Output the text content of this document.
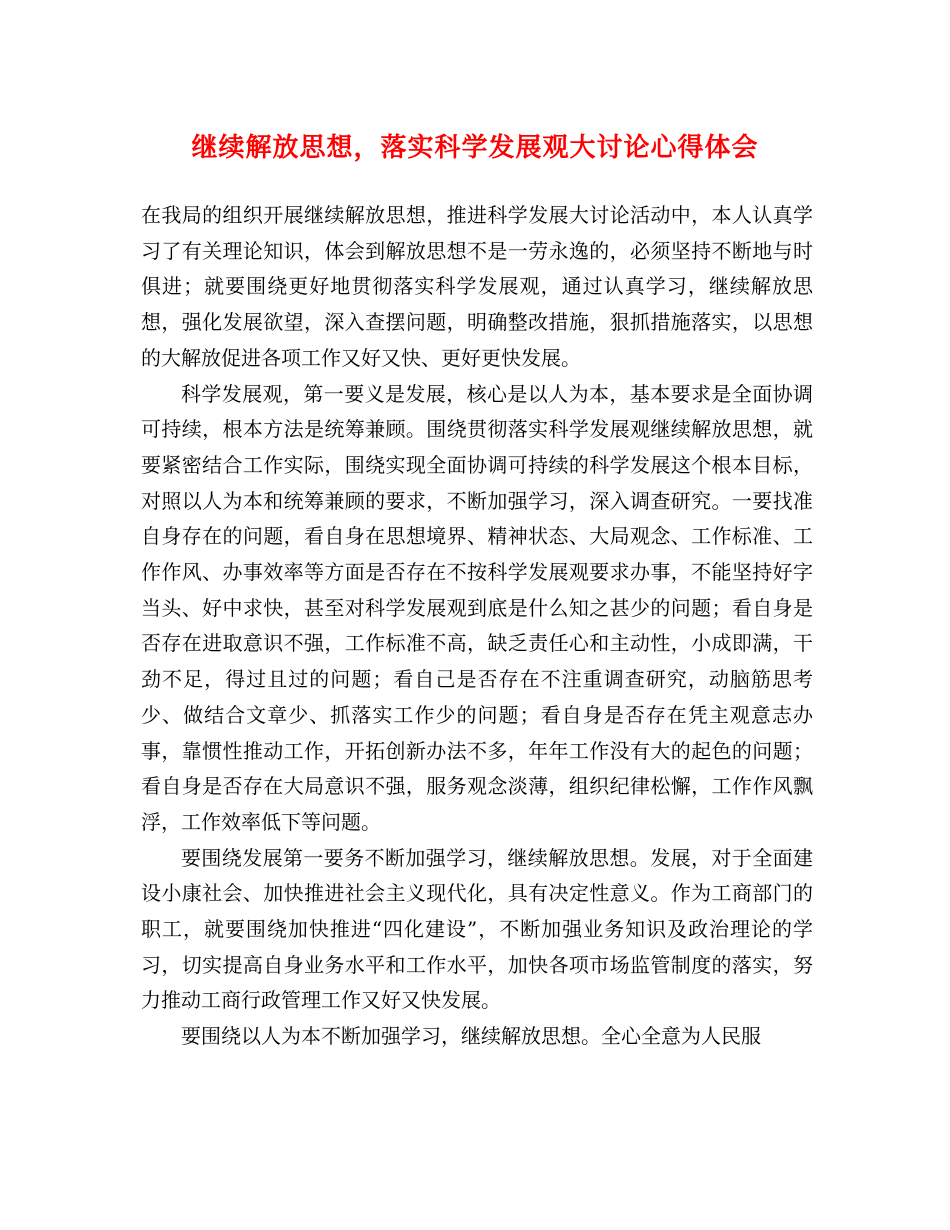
继续解放思想，落实科学发展观大讨论心得体会

在我局的组织开展继续解放思想，推进科学发展大讨论活动中，本人认真学习了有关理论知识，体会到解放思想不是一劳永逸的，必须坚持不断地与时俱进；就要围绕更好地贯彻落实科学发展观，通过认真学习，继续解放思想，强化发展欲望，深入查摆问题，明确整改措施，狠抓措施落实，以思想的大解放促进各项工作又好又快、更好更快发展。

科学发展观，第一要义是发展，核心是以人为本，基本要求是全面协调可持续，根本方法是统筹兼顾。围绕贯彻落实科学发展观继续解放思想，就要紧密结合工作实际，围绕实现全面协调可持续的科学发展这个根本目标，对照以人为本和统筹兼顾的要求，不断加强学习，深入调查研究。一要找准自身存在的问题，看自身在思想境界、精神状态、大局观念、工作标准、工作作风、办事效率等方面是否存在不按科学发展观要求办事，不能坚持好字当头、好中求快，甚至对科学发展观到底是什么知之甚少的问题；看自身是否存在进取意识不强，工作标准不高，缺乏责任心和主动性，小成即满，干劲不足，得过且过的问题；看自己是否存在不注重调查研究，动脑筋思考少、做结合文章少、抓落实工作少的问题；看自身是否存在凭主观意志办事，靠惯性推动工作，开拓创新办法不多，年年工作没有大的起色的问题；看自身是否存在大局意识不强，服务观念淡薄，组织纪律松懈，工作作风飘浮，工作效率低下等问题。

要围绕发展第一要务不断加强学习，继续解放思想。发展，对于全面建设小康社会、加快推进社会主义现代化，具有决定性意义。作为工商部门的职工，就要围绕加快推进“四化建设”，不断加强业务知识及政治理论的学习，切实提高自身业务水平和工作水平，加快各项市场监管制度的落实，努力推动工商行政管理工作又好又快发展。

要围绕以人为本不断加强学习，继续解放思想。全心全意为人民服
